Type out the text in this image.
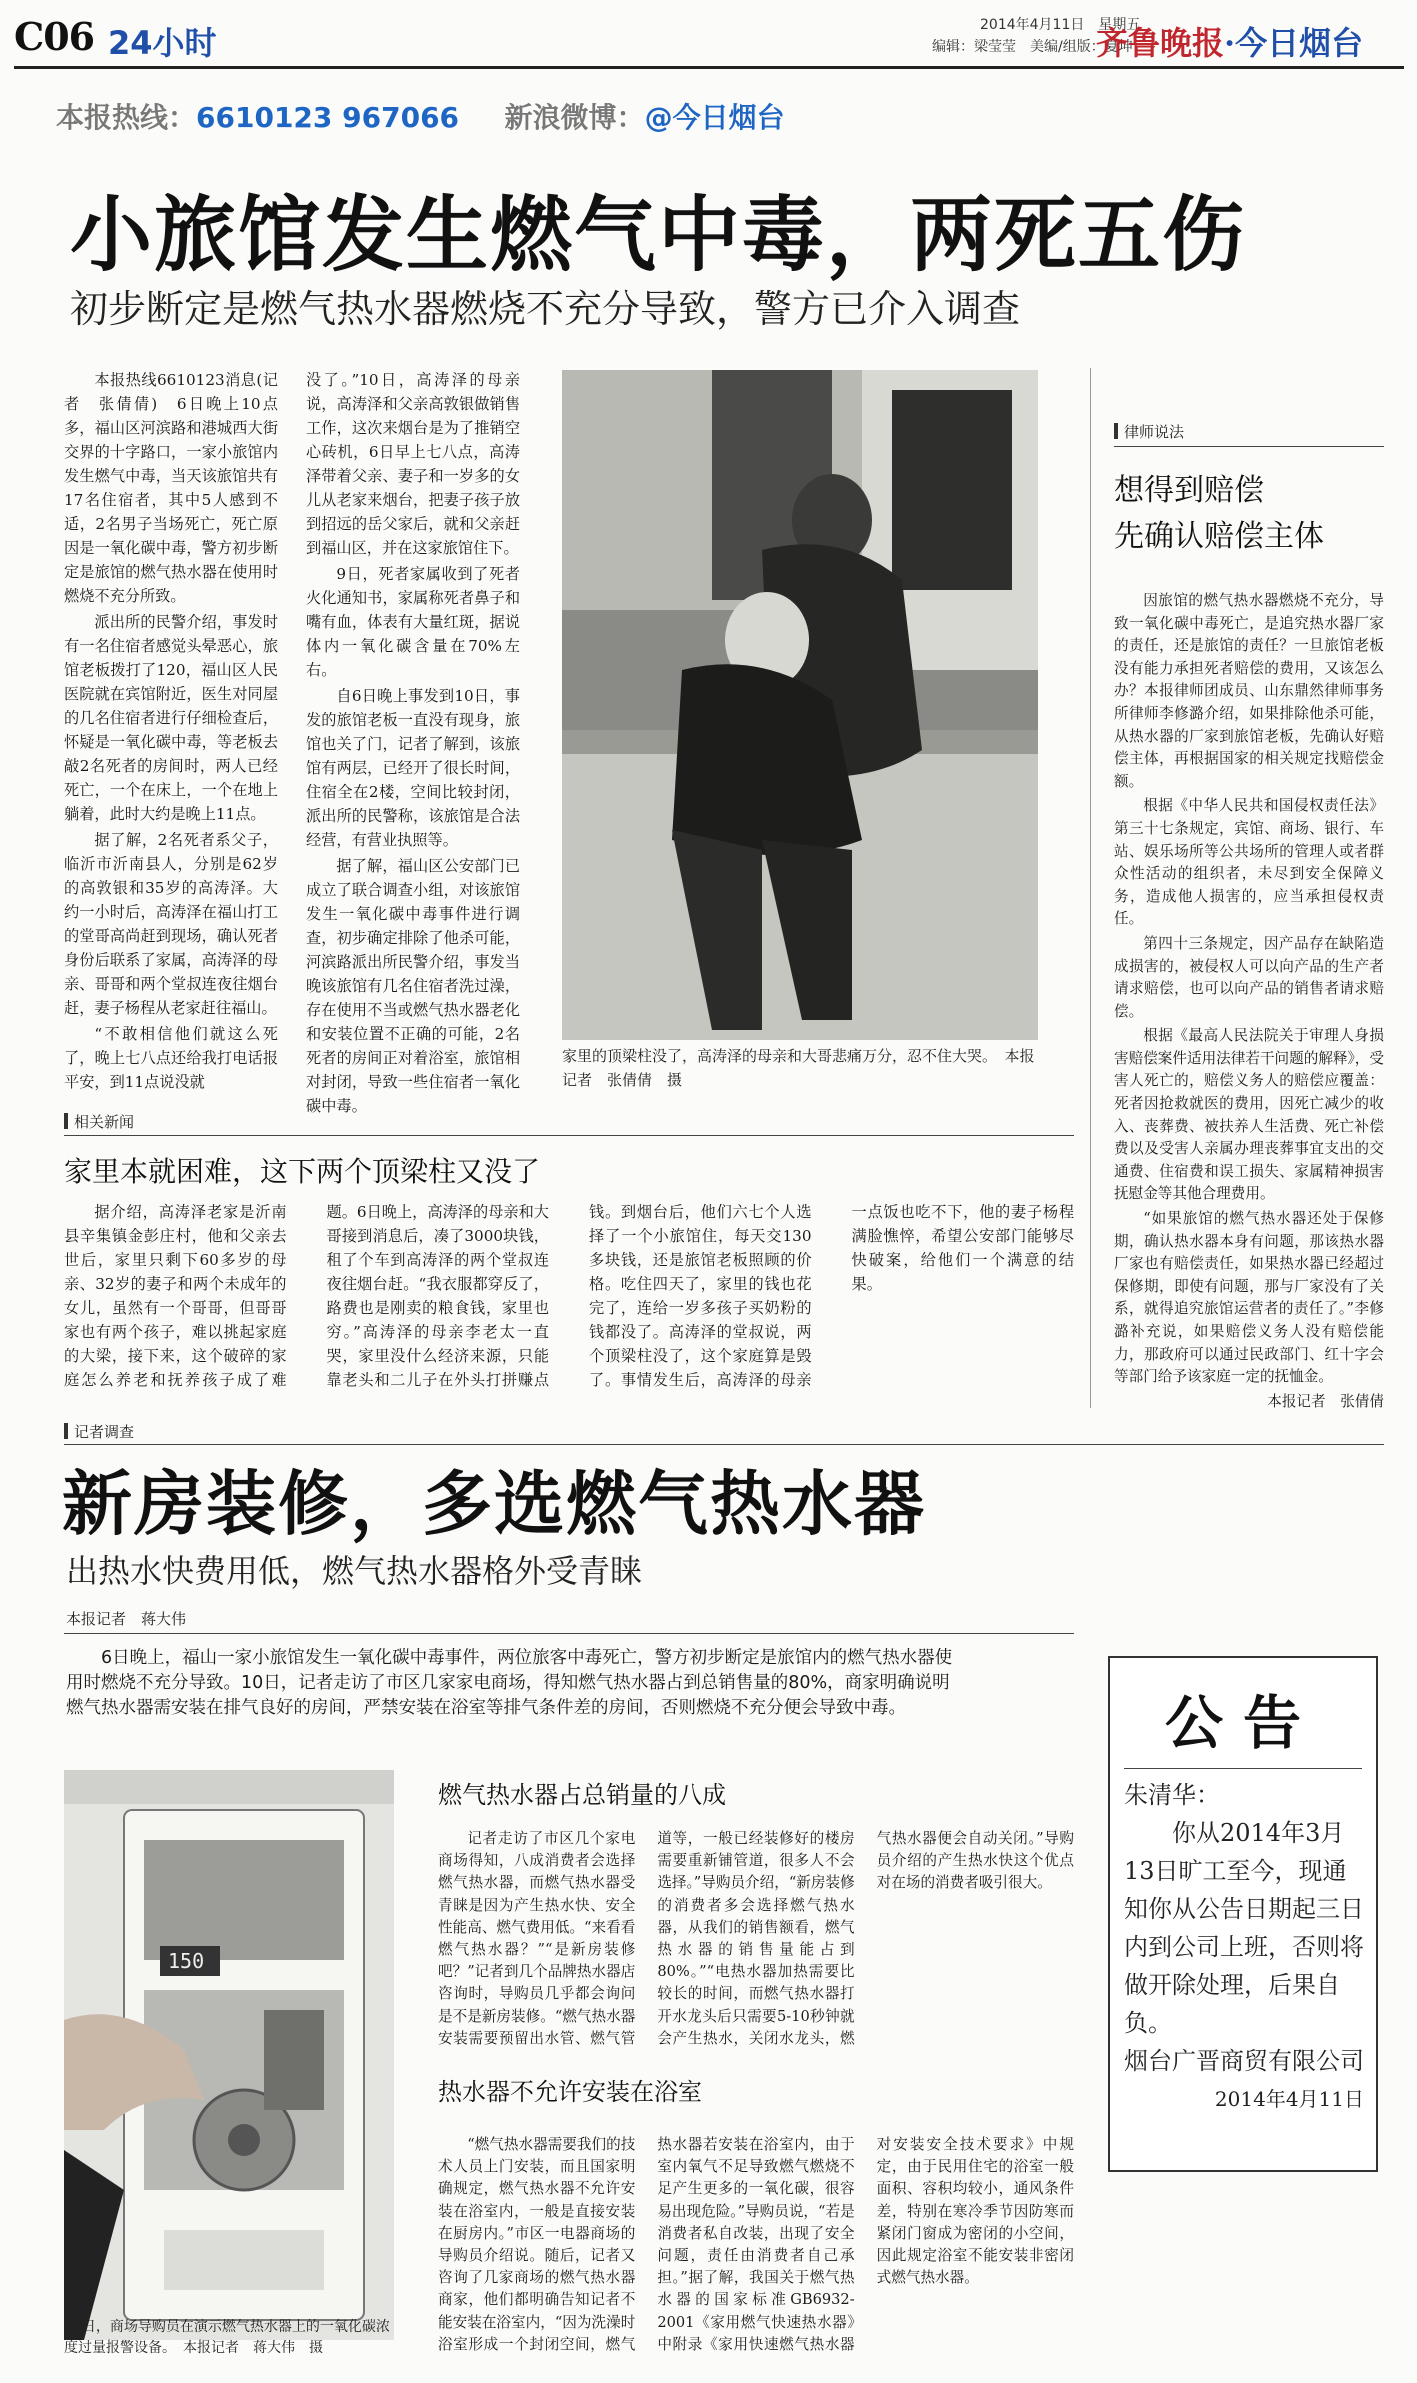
C06 24小时	2014年4月11日　星期五
编辑：梁莹莹　美编/组版：夏坤
齐鲁晚报·今日烟台
本报热线：6610123 967066 新浪微博：@今日烟台
小旅馆发生燃气中毒，两死五伤
初步断定是燃气热水器燃烧不充分导致，警方已介入调查

本报热线6610123消息(记者　张倩倩)　6日晚上10点多，福山区河滨路和港城西大街交界的十字路口，一家小旅馆内发生燃气中毒，当天该旅馆共有17名住宿者，其中5人感到不适，2名男子当场死亡，死亡原因是一氧化碳中毒，警方初步断定是旅馆的燃气热水器在使用时燃烧不充分所致。

派出所的民警介绍，事发时有一名住宿者感觉头晕恶心，旅馆老板拨打了120，福山区人民医院就在宾馆附近，医生对同屋的几名住宿者进行仔细检查后，怀疑是一氧化碳中毒，等老板去敲2名死者的房间时，两人已经死亡，一个在床上，一个在地上躺着，此时大约是晚上11点。

据了解，2名死者系父子，临沂市沂南县人，分别是62岁的高敦银和35岁的高涛泽。大约一小时后，高涛泽在福山打工的堂哥高尚赶到现场，确认死者身份后联系了家属，高涛泽的母亲、哥哥和两个堂叔连夜往烟台赶，妻子杨程从老家赶往福山。

“不敢相信他们就这么死了，晚上七八点还给我打电话报平安，到11点说没就

没了。”10日，高涛泽的母亲说，高涛泽和父亲高敦银做销售工作，这次来烟台是为了推销空心砖机，6日早上七八点，高涛泽带着父亲、妻子和一岁多的女儿从老家来烟台，把妻子孩子放到招远的岳父家后，就和父亲赶到福山区，并在这家旅馆住下。

9日，死者家属收到了死者火化通知书，家属称死者鼻子和嘴有血，体表有大量红斑，据说体内一氧化碳含量在70%左右。

自6日晚上事发到10日，事发的旅馆老板一直没有现身，旅馆也关了门，记者了解到，该旅馆有两层，已经开了很长时间，住宿全在2楼，空间比较封闭，派出所的民警称，该旅馆是合法经营，有营业执照等。

据了解，福山区公安部门已成立了联合调查小组，对该旅馆发生一氧化碳中毒事件进行调查，初步确定排除了他杀可能，河滨路派出所民警介绍，事发当晚该旅馆有几名住宿者洗过澡，存在使用不当或燃气热水器老化和安装位置不正确的可能，2名死者的房间正对着浴室，旅馆相对封闭，导致一些住宿者一氧化碳中毒。

家里的顶梁柱没了，高涛泽的母亲和大哥悲痛万分，忍不住大哭。　本报记者　张倩倩　摄
律师说法
想得到赔偿
先确认赔偿主体

因旅馆的燃气热水器燃烧不充分，导致一氧化碳中毒死亡，是追究热水器厂家的责任，还是旅馆的责任？一旦旅馆老板没有能力承担死者赔偿的费用，又该怎么办？本报律师团成员、山东鼎然律师事务所律师李修潞介绍，如果排除他杀可能，从热水器的厂家到旅馆老板，先确认好赔偿主体，再根据国家的相关规定找赔偿金额。

根据《中华人民共和国侵权责任法》第三十七条规定，宾馆、商场、银行、车站、娱乐场所等公共场所的管理人或者群众性活动的组织者，未尽到安全保障义务，造成他人损害的，应当承担侵权责任。

第四十三条规定，因产品存在缺陷造成损害的，被侵权人可以向产品的生产者请求赔偿，也可以向产品的销售者请求赔偿。

根据《最高人民法院关于审理人身损害赔偿案件适用法律若干问题的解释》，受害人死亡的，赔偿义务人的赔偿应覆盖：死者因抢救就医的费用，因死亡减少的收入、丧葬费、被扶养人生活费、死亡补偿费以及受害人亲属办理丧葬事宜支出的交通费、住宿费和误工损失、家属精神损害抚慰金等其他合理费用。

“如果旅馆的燃气热水器还处于保修期，确认热水器本身有问题，那该热水器厂家也有赔偿责任，如果热水器已经超过保修期，即使有问题，那与厂家没有了关系，就得追究旅馆运营者的责任了。”李修潞补充说，如果赔偿义务人没有赔偿能力，那政府可以通过民政部门、红十字会等部门给予该家庭一定的抚恤金。

本报记者　张倩倩

相关新闻
家里本就困难，这下两个顶梁柱又没了
据介绍，高涛泽老家是沂南县辛集镇金彭庄村，他和父亲去世后，家里只剩下60多岁的母亲、32岁的妻子和两个未成年的女儿，虽然有一个哥哥，但哥哥家也有两个孩子，难以挑起家庭的大梁，接下来，这个破碎的家庭怎么养老和抚养孩子成了难题。6日晚上，高涛泽的母亲和大哥接到消息后，凑了3000块钱，租了个车到高涛泽的两个堂叔连夜往烟台赶。“我衣服都穿反了，路费也是刚卖的粮食钱，家里也穷。”高涛泽的母亲李老太一直哭，家里没什么经济来源，只能靠老头和二儿子在外头打拼赚点钱。到烟台后，他们六七个人选择了一个小旅馆住，每天交130多块钱，还是旅馆老板照顾的价格。吃住四天了，家里的钱也花完了，连给一岁多孩子买奶粉的钱都没了。高涛泽的堂叔说，两个顶梁柱没了，这个家庭算是毁了。事情发生后，高涛泽的母亲一点饭也吃不下，他的妻子杨程满脸憔悴，希望公安部门能够尽快破案，给他们一个满意的结果。
记者调查
新房装修，多选燃气热水器
出热水快费用低，燃气热水器格外受青睐
本报记者　蒋大伟
6日晚上，福山一家小旅馆发生一氧化碳中毒事件，两位旅客中毒死亡，警方初步断定是旅馆内的燃气热水器使用时燃烧不充分导致。10日，记者走访了市区几家家电商场，得知燃气热水器占到总销售量的80%，商家明确说明燃气热水器需安装在排气良好的房间，严禁安装在浴室等排气条件差的房间，否则燃烧不充分便会导致中毒。
150
10日，商场导购员在演示燃气热水器上的一氧化碳浓度过量报警设备。　本报记者　蒋大伟　摄
燃气热水器占总销量的八成
记者走访了市区几个家电商场得知，八成消费者会选择燃气热水器，而燃气热水器受青睐是因为产生热水快、安全性能高、燃气费用低。“来看看燃气热水器？”“是新房装修吧？”记者到几个品牌热水器店咨询时，导购员几乎都会询问是不是新房装修。“燃气热水器安装需要预留出水管、燃气管道等，一般已经装修好的楼房需要重新铺管道，很多人不会选择。”导购员介绍，“新房装修的消费者多会选择燃气热水器，从我们的销售额看，燃气热水器的销售量能占到80%。”“电热水器加热需要比较长的时间，而燃气热水器打开水龙头后只需要5-10秒钟就会产生热水，关闭水龙头，燃气热水器便会自动关闭。”导购员介绍的产生热水快这个优点对在场的消费者吸引很大。
热水器不允许安装在浴室
“燃气热水器需要我们的技术人员上门安装，而且国家明确规定，燃气热水器不允许安装在浴室内，一般是直接安装在厨房内。”市区一电器商场的导购员介绍说。随后，记者又咨询了几家商场的燃气热水器商家，他们都明确告知记者不能安装在浴室内，“因为洗澡时浴室形成一个封闭空间，燃气热水器若安装在浴室内，由于室内氧气不足导致燃气燃烧不足产生更多的一氧化碳，很容易出现危险。”导购员说，“若是消费者私自改装，出现了安全问题，责任由消费者自己承担。”据了解，我国关于燃气热水器的国家标准GB6932-2001《家用燃气快速热水器》中附录《家用快速燃气热水器对安装安全技术要求》中规定，由于民用住宅的浴室一般面积、容积均较小，通风条件差，特别在寒冷季节因防寒而紧闭门窗成为密闭的小空间，因此规定浴室不能安装非密闭式燃气热水器。
公告
朱清华：
你从2014年3月13日旷工至今，现通知你从公告日期起三日内到公司上班，否则将做开除处理，后果自负。
烟台广晋商贸有限公司
2014年4月11日
